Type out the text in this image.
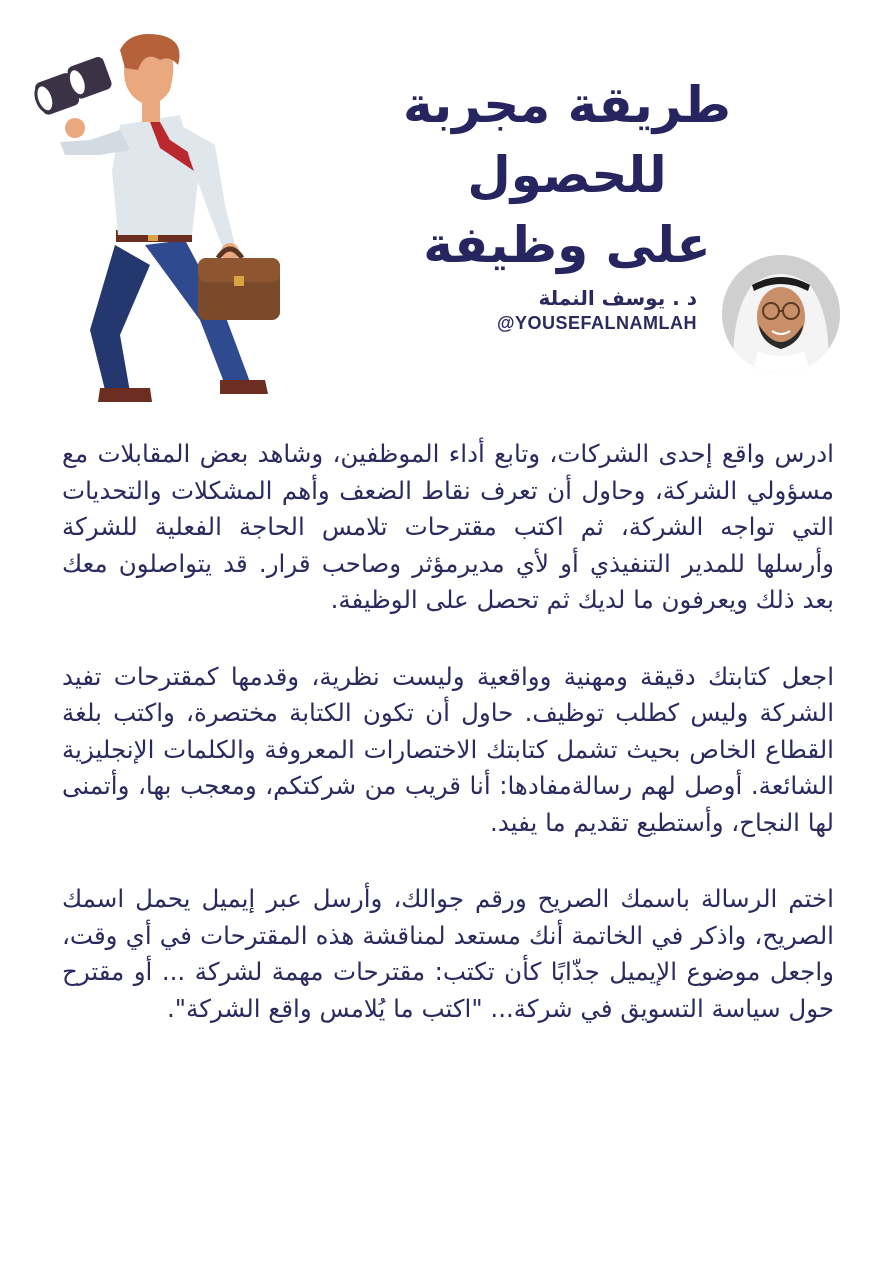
طريقة مجربة للحصول
على وظيفة
د . يوسف النملة
@YOUSEFALNAMLAH

ادرس واقع إحدى الشركات، وتابع أداء الموظفين، وشاهد بعض المقابلات مع مسؤولي الشركة، وحاول أن تعرف نقاط الضعف وأهم المشكلات والتحديات التي تواجه الشركة، ثم اكتب مقترحات تلامس الحاجة الفعلية للشركة وأرسلها للمدير التنفيذي أو لأي مديرمؤثر وصاحب قرار. قد يتواصلون معك بعد ذلك ويعرفون ما لديك ثم تحصل على الوظيفة.

اجعل كتابتك دقيقة ومهنية وواقعية وليست نظرية، وقدمها كمقترحات تفيد الشركة وليس كطلب توظيف. حاول أن تكون الكتابة مختصرة، واكتب بلغة القطاع الخاص بحيث تشمل كتابتك الاختصارات المعروفة والكلمات الإنجليزية الشائعة. أوصل لهم رسالةمفادها: أنا قريب من شركتكم، ومعجب بها، وأتمنى لها النجاح، وأستطيع تقديم ما يفيد.

اختم الرسالة باسمك الصريح ورقم جوالك، وأرسل عبر إيميل يحمل اسمك الصريح، واذكر في الخاتمة أنك مستعد لمناقشة هذه المقترحات في أي وقت، واجعل موضوع الإيميل جذّابًا كأن تكتب: مقترحات مهمة لشركة ... أو مقترح حول سياسة التسويق في شركة... "اكتب ما يُلامس واقع الشركة".
